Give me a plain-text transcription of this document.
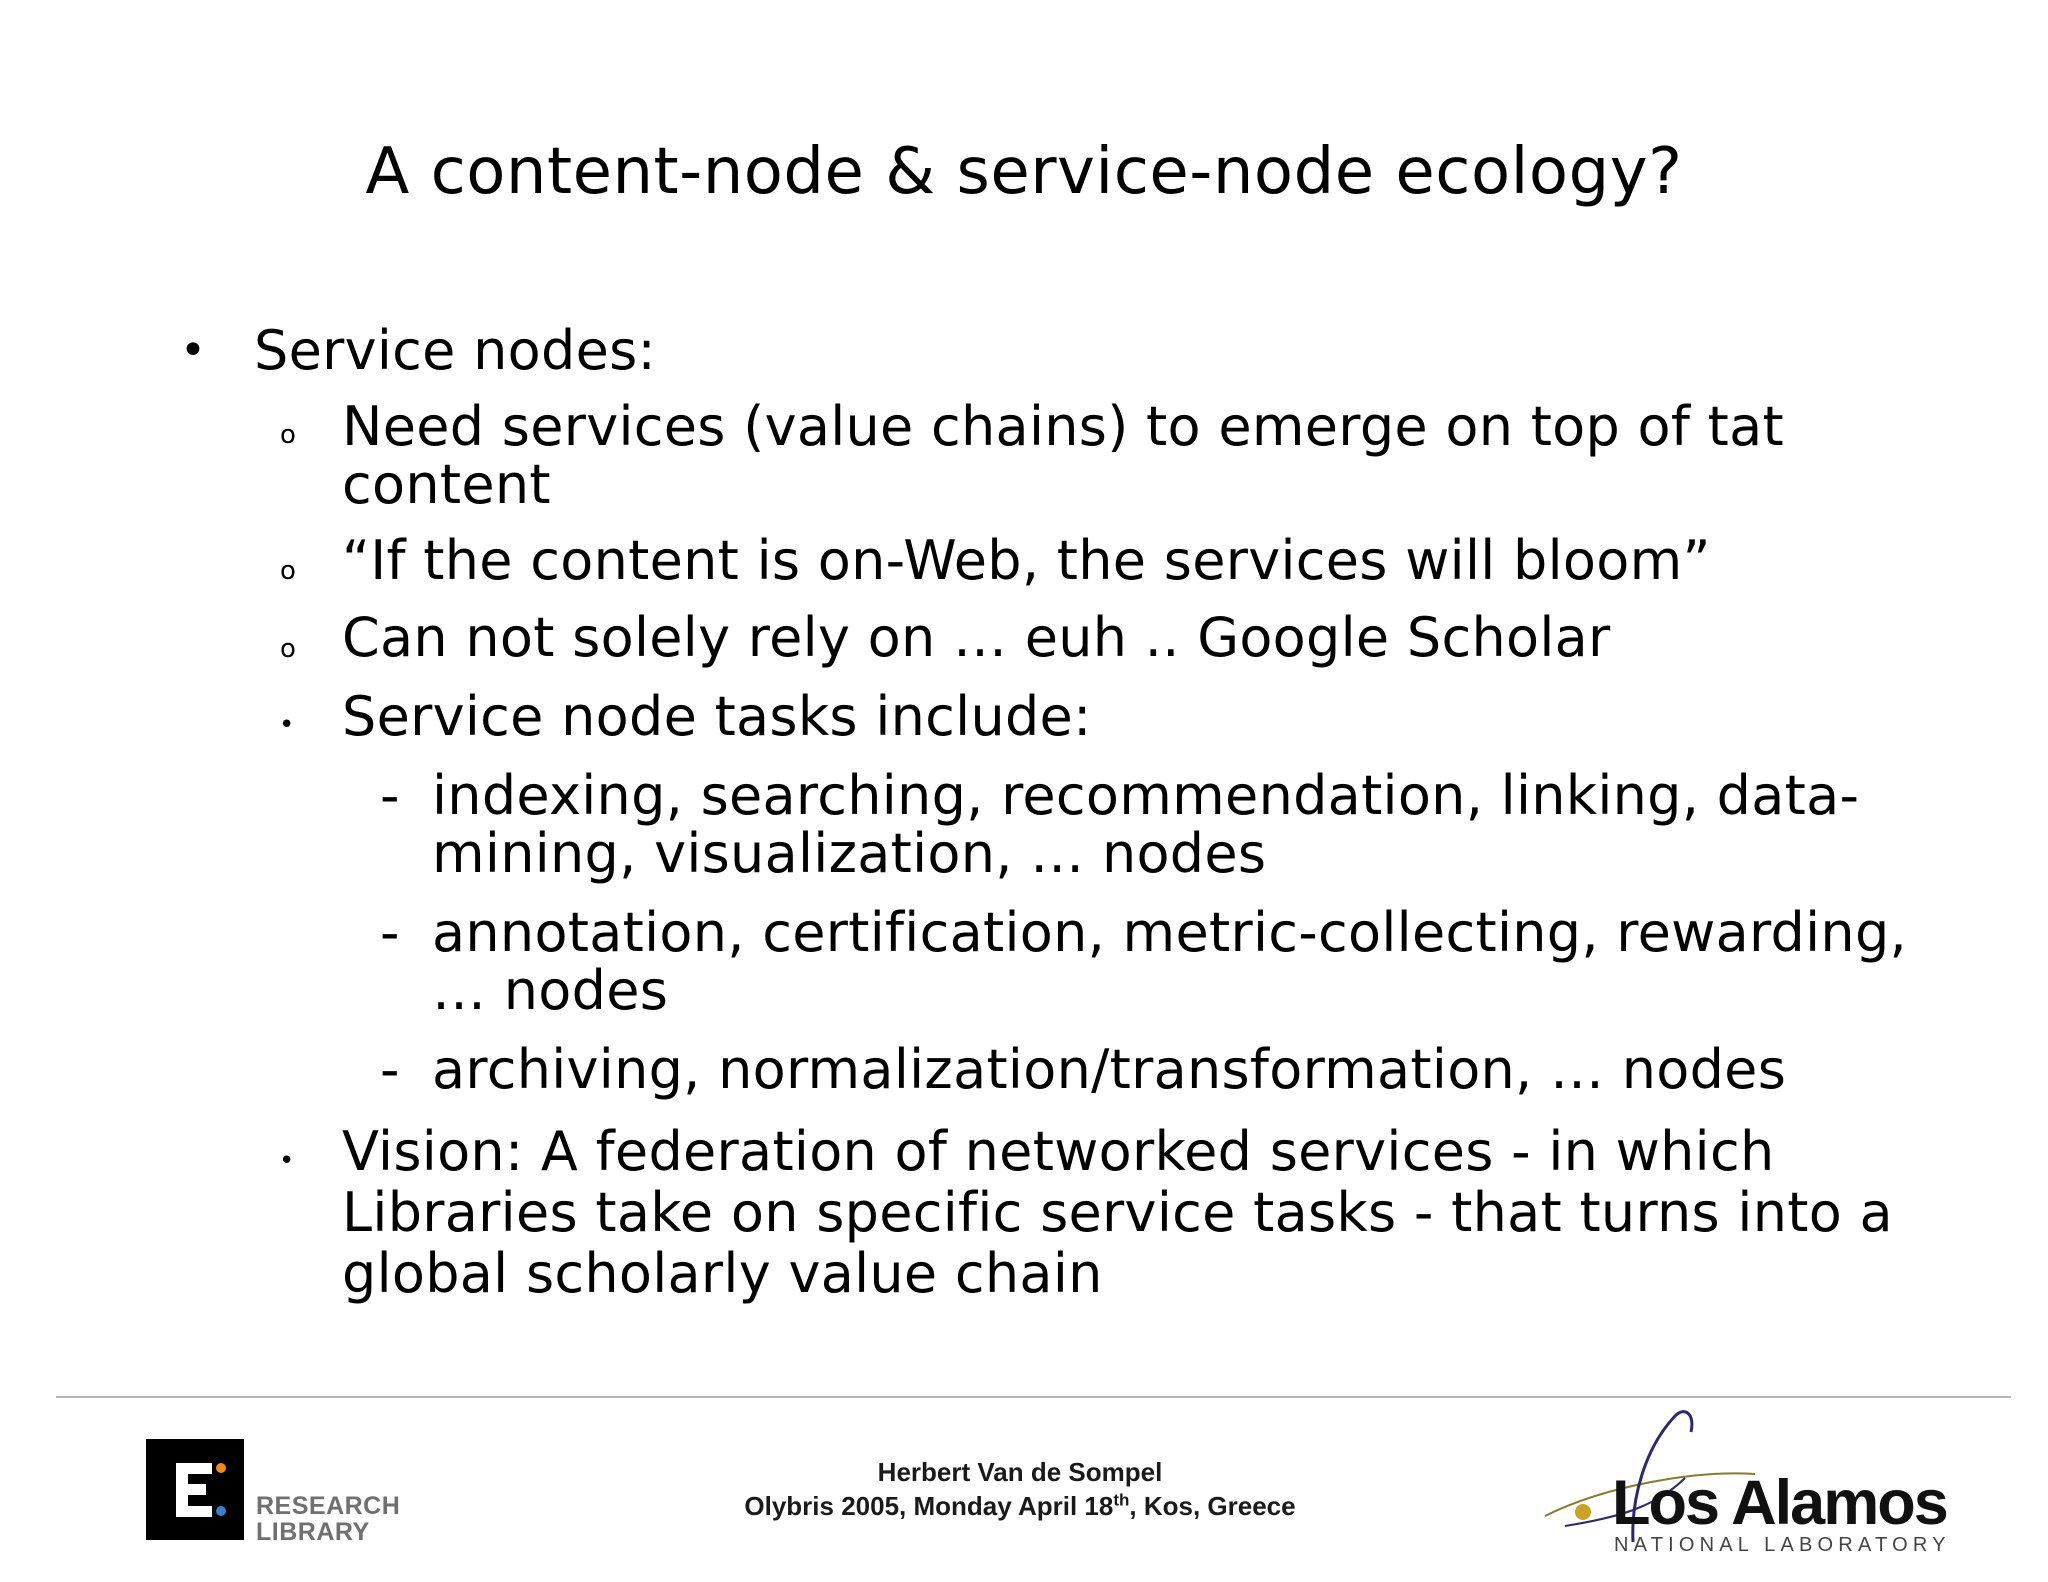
A content-node & service-node ecology?
• Service nodes:
o Need services (value chains) to emerge on top of tat
content
o “If the content is on-Web, the services will bloom”
o Can not solely rely on … euh .. Google Scholar
• Service node tasks include:
- indexing, searching, recommendation, linking, data-
mining, visualization, … nodes
- annotation, certification, metric-collecting, rewarding,
… nodes
- archiving, normalization/transformation, … nodes
• Vision: A federation of networked services - in which
Libraries take on specific service tasks - that turns into a
global scholarly value chain
RESEARCH
LIBRARY
Herbert Van de Sompel
Olybris 2005, Monday April 18th, Kos, Greece	Los Alamos
NATIONAL LABORATORY
